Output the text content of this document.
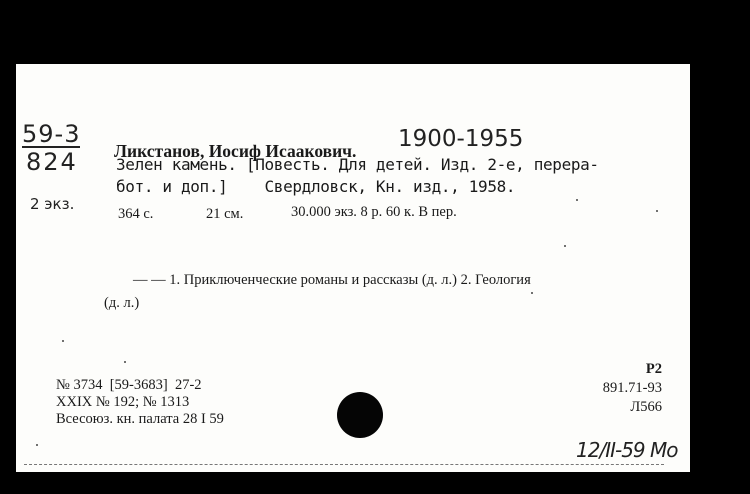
59-3
824
2 экз.
Ликстанов, Иосиф Исаакович. 1900-1955
Зелен камень. [Повесть. Для детей. Изд. 2-е, перера-
бот. и доп.]    Свердловск, Кн. изд., 1958.
364 с.	21 см.	30.000 экз. 8 р. 60 к. В пер.
— — 1. Приключенческие романы и рассказы (д. л.) 2. Геология
(д. л.)
№ 3734  [59-3683]  27-2
XXIX № 192; № 1313
Всесоюз. кн. палата 28 I 59
Р2
891.71-93
Л566
12/II-59 Мо
